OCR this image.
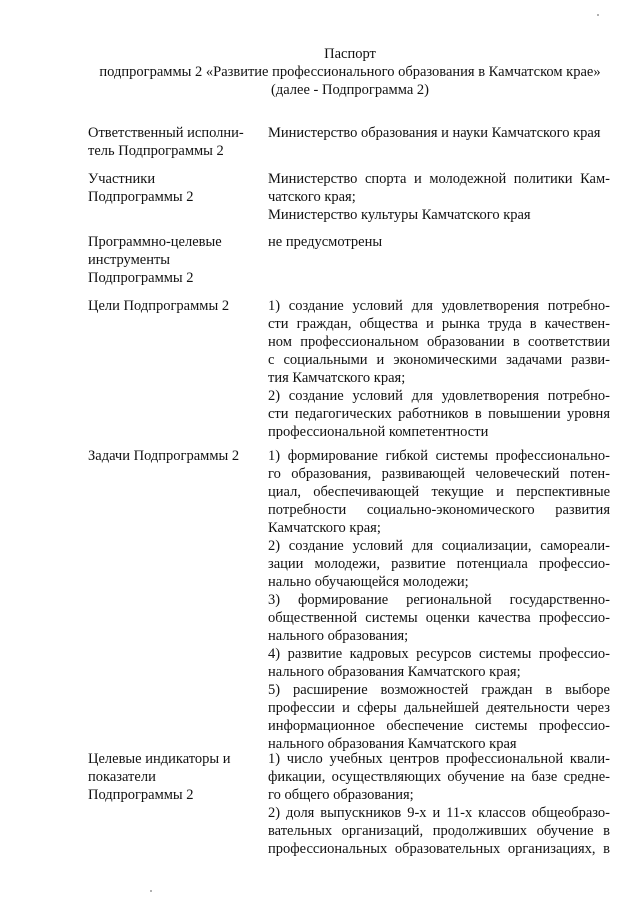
Паспорт
подпрограммы 2 «Развитие профессионального образования в Камчатском крае»
(далее - Подпрограмма 2)
Ответственный исполни-
тель Подпрограммы 2
Министерство образования и науки Камчатского края
Участники
Подпрограммы 2
Министерство спорта и молодежной политики Кам-
чатского края;
Министерство культуры Камчатского края
Программно-целевые
инструменты
Подпрограммы 2
не предусмотрены
Цели Подпрограммы 2	1) создание условий для удовлетворения потребно-
сти граждан, общества и рынка труда в качествен-
ном профессиональном образовании в соответствии
с социальными и экономическими задачами разви-
тия Камчатского края;
2) создание условий для удовлетворения потребно-
сти педагогических работников в повышении уровня
профессиональной компетентности
Задачи Подпрограммы 2	1) формирование гибкой системы профессионально-
го образования, развивающей человеческий потен-
циал, обеспечивающей текущие и перспективные
потребности социально-экономического развития
Камчатского края;
2) создание условий для социализации, самореали-
зации молодежи, развитие потенциала профессио-
нально обучающейся молодежи;
3) формирование региональной государственно-
общественной системы оценки качества профессио-
нального образования;
4) развитие кадровых ресурсов системы профессио-
нального образования Камчатского края;
5) расширение возможностей граждан в выборе
профессии и сферы дальнейшей деятельности через
информационное обеспечение системы профессио-
нального образования Камчатского края
Целевые индикаторы и
показатели
Подпрограммы 2
1) число учебных центров профессиональной квали-
фикации, осуществляющих обучение на базе средне-
го общего образования;
2) доля выпускников 9-х и 11-х классов общеобразо-
вательных организаций, продолживших обучение в
профессиональных образовательных организациях, в
